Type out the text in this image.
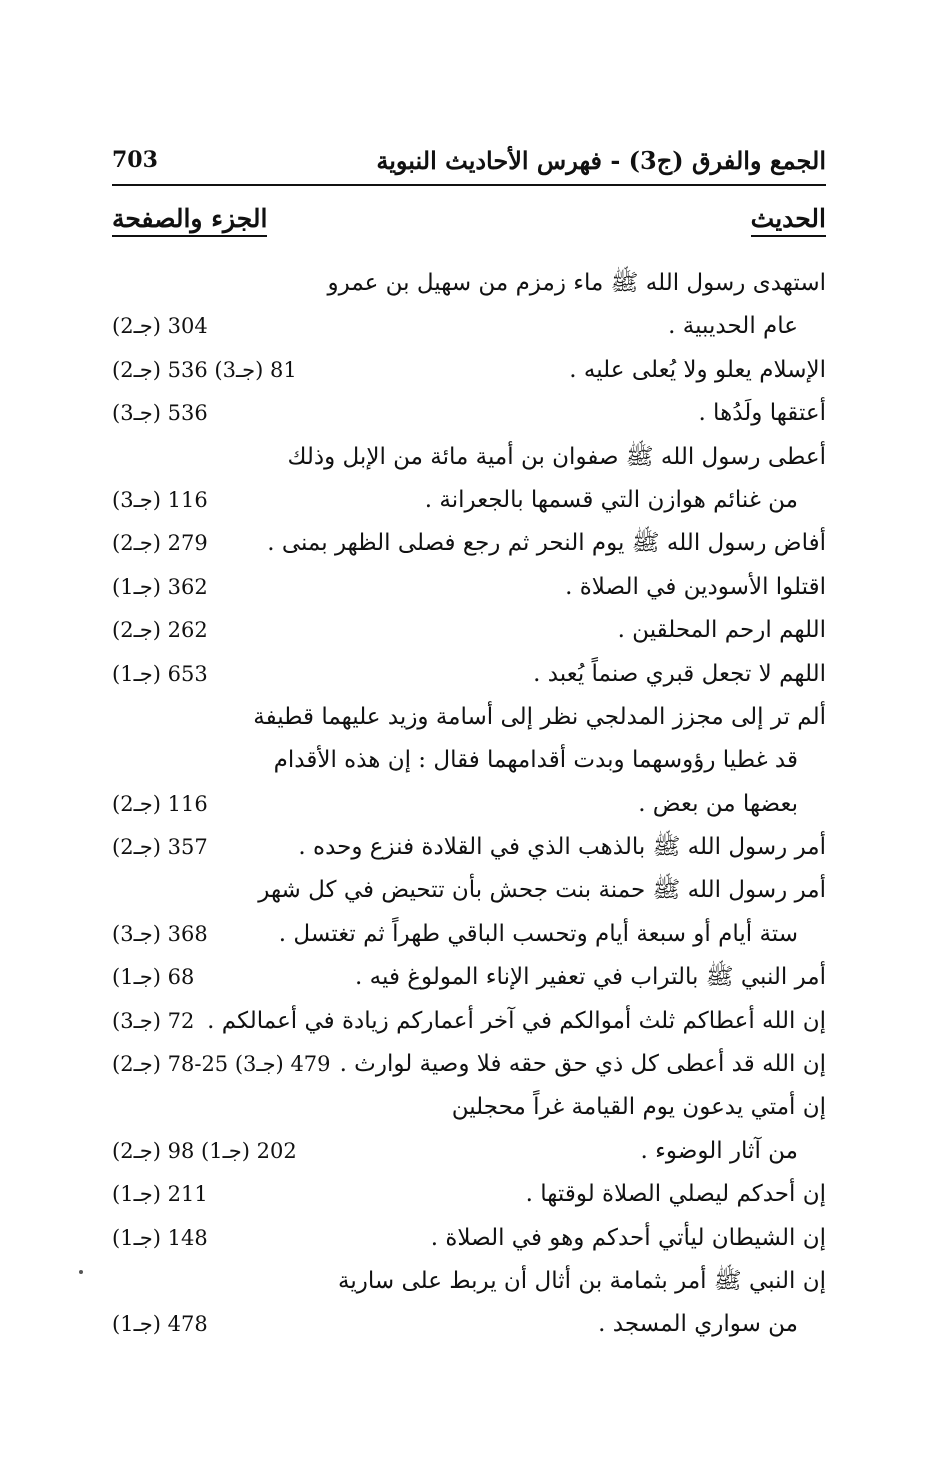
الجمع والفرق (ج3) - فهرس الأحاديث النبوية
703
الحديث
الجزء والصفحة
استهدى رسول الله ﷺ ماء زمزم من سهيل بن عمرو
عام الحديبية .
(جـ2) 304
الإسلام يعلو ولا يُعلى عليه .
(جـ2) 81 (جـ3) 536
أعتقها ولَدُها .
(جـ3) 536
أعطى رسول الله ﷺ صفوان بن أمية مائة من الإبل وذلك
من غنائم هوازن التي قسمها بالجعرانة .
(جـ3) 116
أفاض رسول الله ﷺ يوم النحر ثم رجع فصلى الظهر بمنى .
(جـ2) 279
اقتلوا الأسودين في الصلاة .
(جـ1) 362
اللهم ارحم المحلقين .
(جـ2) 262
اللهم لا تجعل قبري صنماً يُعبد .
(جـ1) 653
ألم تر إلى مجزز المدلجي نظر إلى أسامة وزيد عليهما قطيفة
قد غطيا رؤوسهما وبدت أقدامهما فقال : إن هذه الأقدام
بعضها من بعض .
(جـ2) 116
أمر رسول الله ﷺ بالذهب الذي في القلادة فنزع وحده .
(جـ2) 357
أمر رسول الله ﷺ حمنة بنت جحش بأن تتحيض في كل شهر
ستة أيام أو سبعة أيام وتحسب الباقي طهراً ثم تغتسل .
(جـ3) 368
أمر النبي ﷺ بالتراب في تعفير الإناء المولوغ فيه .
(جـ1) 68
إن الله أعطاكم ثلث أموالكم في آخر أعماركم زيادة في أعمالكم .
(جـ3) 72
إن الله قد أعطى كل ذي حق حقه فلا وصية لوارث .
(جـ2) 479 (جـ3) 25-78
إن أمتي يدعون يوم القيامة غراً محجلين
من آثار الوضوء .
(جـ2) 202 (جـ1) 98
إن أحدكم ليصلي الصلاة لوقتها .
(جـ1) 211
إن الشيطان ليأتي أحدكم وهو في الصلاة .
(جـ1) 148
إن النبي ﷺ أمر بثمامة بن أثال أن يربط على سارية
من سواري المسجد .
(جـ1) 478
